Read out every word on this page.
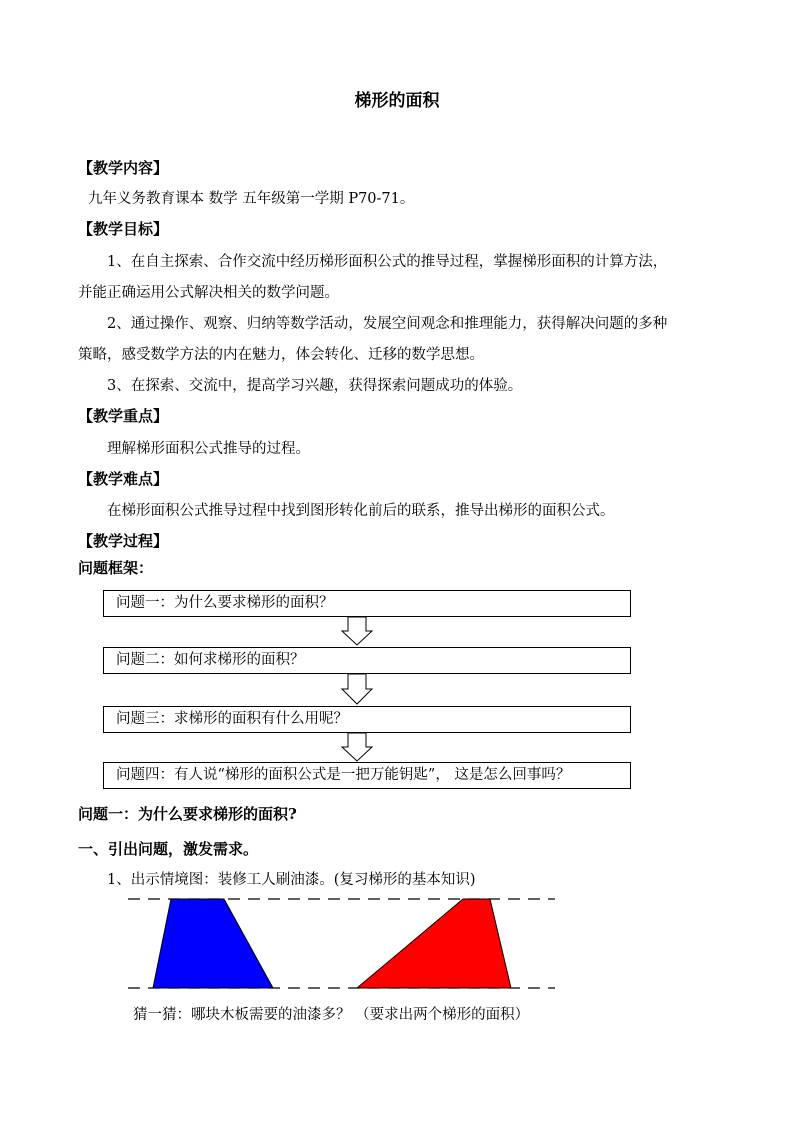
梯形的面积
【教学内容】
九年义务教育课本 数学 五年级第一学期 P70-71。
【教学目标】
1、在自主探索、合作交流中经历梯形面积公式的推导过程，掌握梯形面积的计算方法，
并能正确运用公式解决相关的数学问题。
2、通过操作、观察、归纳等数学活动，发展空间观念和推理能力，获得解决问题的多种
策略，感受数学方法的内在魅力，体会转化、迁移的数学思想。
3、在探索、交流中，提高学习兴趣，获得探索问题成功的体验。
【教学重点】
理解梯形面积公式推导的过程。
【教学难点】
在梯形面积公式推导过程中找到图形转化前后的联系，推导出梯形的面积公式。
【教学过程】
问题框架：
问题一：为什么要求梯形的面积？
问题二：如何求梯形的面积？
问题三：求梯形的面积有什么用呢？
问题四：有人说“梯形的面积公式是一把万能钥匙”， 这是怎么回事吗？
问题一：为什么要求梯形的面积?
一、引出问题，激发需求。
1、出示情境图：装修工人刷油漆。(复习梯形的基本知识)
猜一猜：哪块木板需要的油漆多？ （要求出两个梯形的面积）
